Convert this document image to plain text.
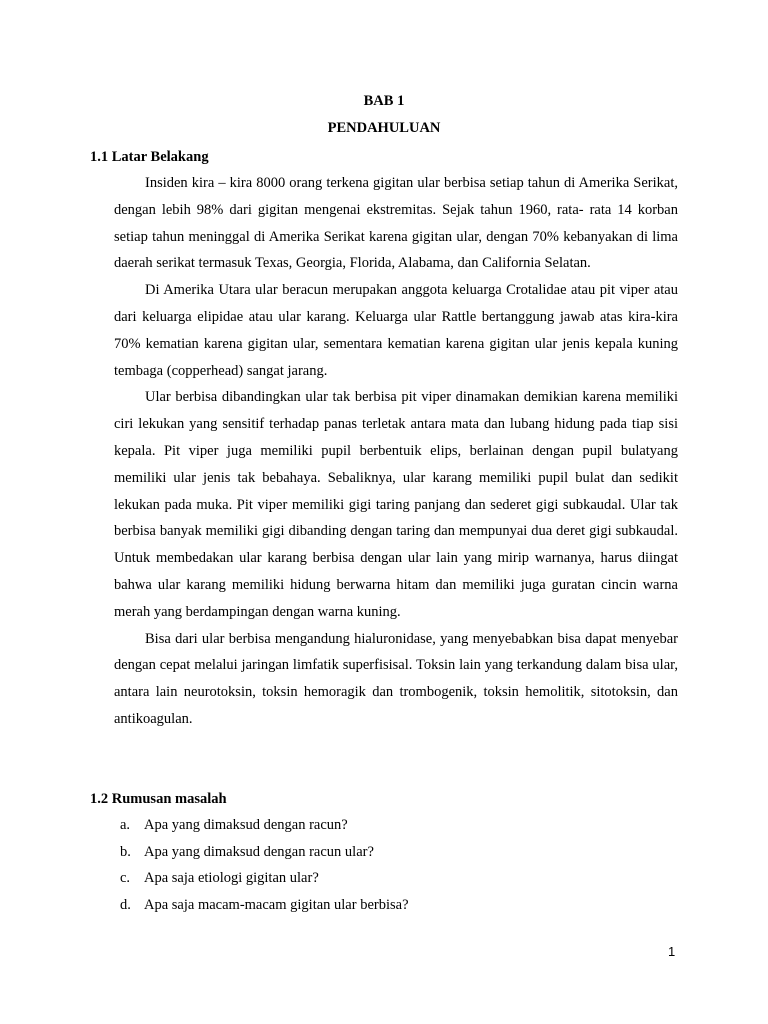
BAB 1
PENDAHULUAN
1.1 Latar Belakang

Insiden kira – kira 8000 orang terkena gigitan ular berbisa setiap tahun di Amerika Serikat, dengan lebih 98% dari gigitan mengenai ekstremitas. Sejak tahun 1960, rata- rata 14 korban setiap tahun meninggal di Amerika Serikat karena gigitan ular, dengan 70% kebanyakan di lima daerah serikat termasuk Texas, Georgia, Florida, Alabama, dan California Selatan.

Di Amerika Utara ular beracun merupakan anggota keluarga Crotalidae atau pit viper atau dari keluarga elipidae atau ular karang. Keluarga ular Rattle bertanggung jawab atas kira-kira 70% kematian karena gigitan ular, sementara kematian karena gigitan ular jenis kepala kuning tembaga (copperhead) sangat jarang.

Ular berbisa dibandingkan ular tak berbisa pit viper dinamakan demikian karena memiliki ciri lekukan yang sensitif terhadap panas terletak antara mata dan lubang hidung pada tiap sisi kepala. Pit viper juga memiliki pupil berbentuik elips, berlainan dengan pupil bulatyang memiliki ular jenis tak bebahaya. Sebaliknya, ular karang memiliki pupil bulat dan sedikit lekukan pada muka. Pit viper memiliki gigi taring panjang dan sederet gigi subkaudal. Ular tak berbisa banyak memiliki gigi dibanding dengan taring dan mempunyai dua deret gigi subkaudal. Untuk membedakan ular karang berbisa dengan ular lain yang mirip warnanya, harus diingat bahwa ular karang memiliki hidung berwarna hitam dan memiliki juga guratan cincin warna merah yang berdampingan dengan warna kuning.

Bisa dari ular berbisa mengandung hialuronidase, yang menyebabkan bisa dapat menyebar dengan cepat melalui jaringan limfatik superfisisal. Toksin lain yang terkandung dalam bisa ular, antara lain neurotoksin, toksin hemoragik dan trombogenik, toksin hemolitik, sitotoksin, dan antikoagulan.

1.2 Rumusan masalah
a. Apa yang dimaksud dengan racun?
b. Apa yang dimaksud dengan racun ular?
c. Apa saja etiologi gigitan ular?
d. Apa saja macam-macam gigitan ular berbisa?
1
